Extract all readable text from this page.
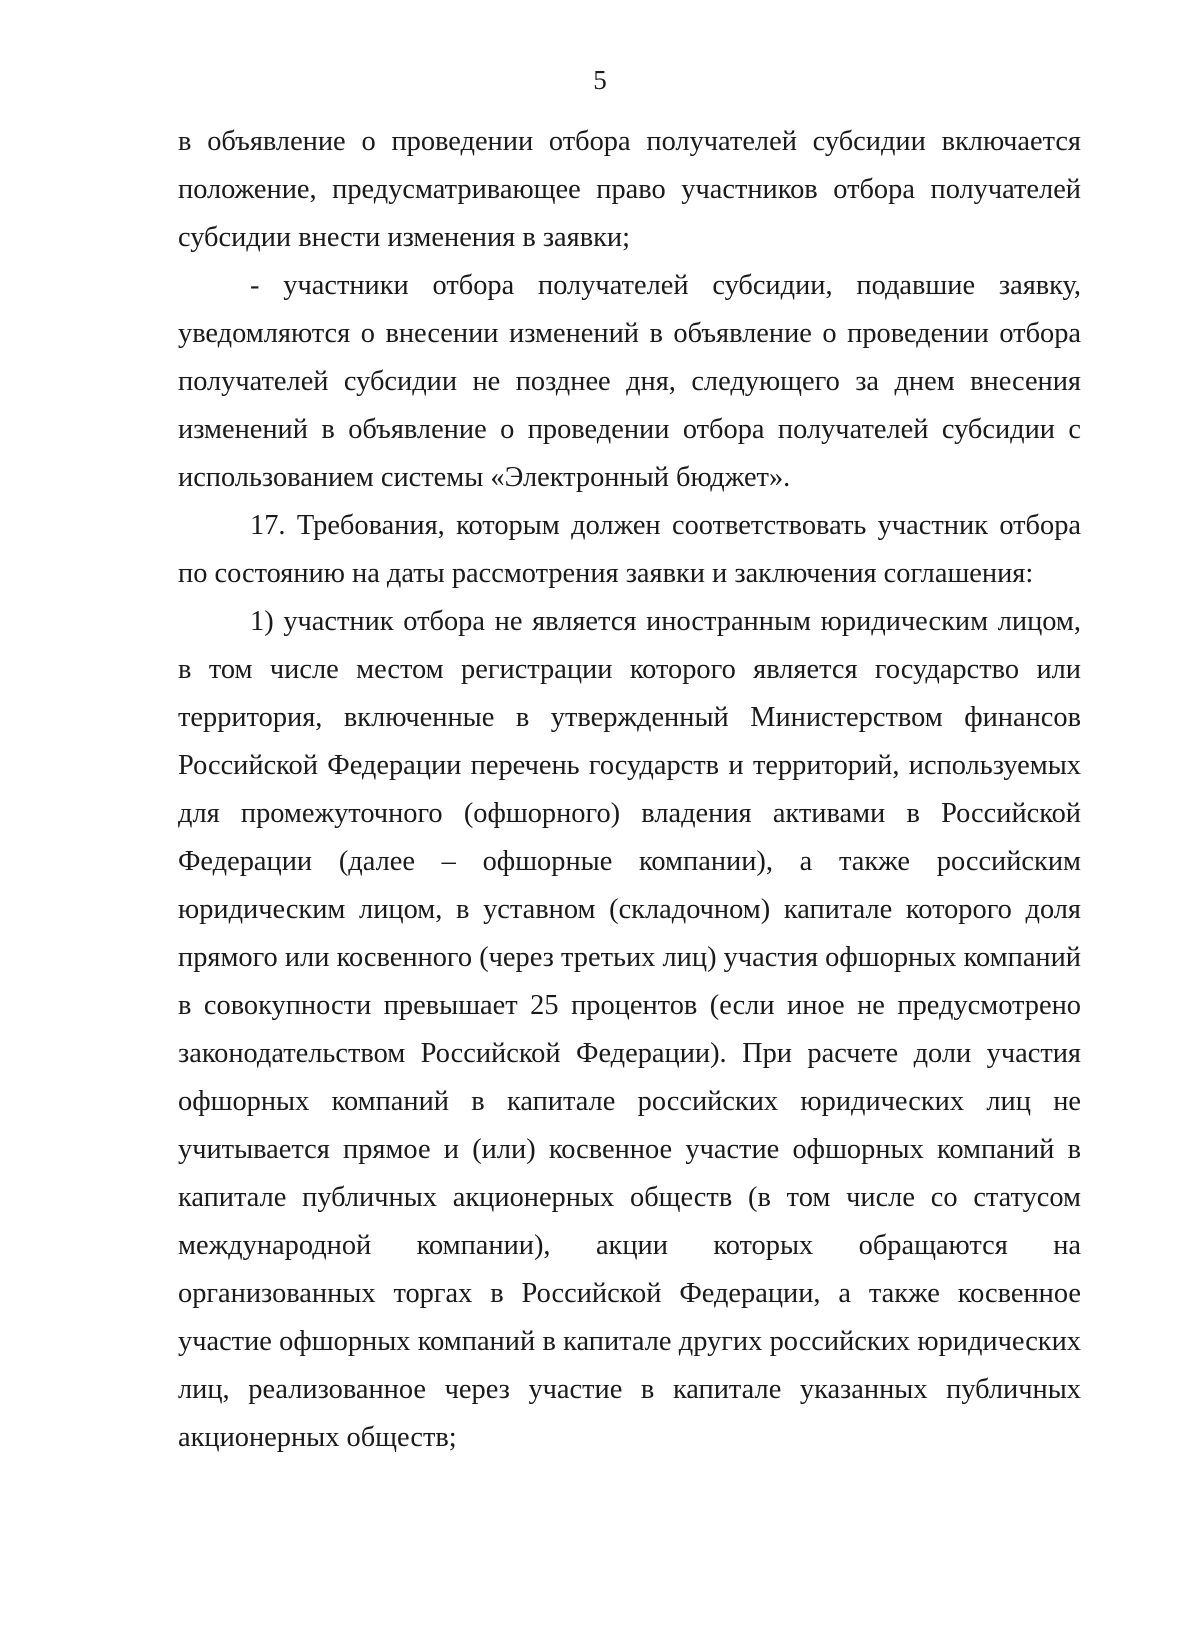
5

в объявление о проведении отбора получателей субсидии включается положение, предусматривающее право участников отбора получателей субсидии внести изменения в заявки;

- участники отбора получателей субсидии, подавшие заявку, уведомляются о внесении изменений в объявление о проведении отбора получателей субсидии не позднее дня, следующего за днем внесения изменений в объявление о проведении отбора получателей субсидии с использованием системы «Электронный бюджет».

17. Требования, которым должен соответствовать участник отбора по состоянию на даты рассмотрения заявки и заключения соглашения:

1) участник отбора не является иностранным юридическим лицом, в том числе местом регистрации которого является государство или территория, включенные в утвержденный Министерством финансов Российской Федерации перечень государств и территорий, используемых для промежуточного (офшорного) владения активами в Российской Федерации (далее – офшорные компании), а также российским юридическим лицом, в уставном (складочном) капитале которого доля прямого или косвенного (через третьих лиц) участия офшорных компаний в совокупности превышает 25 процентов (если иное не предусмотрено законодательством Российской Федерации). При расчете доли участия офшорных компаний в капитале российских юридических лиц не учитывается прямое и (или) косвенное участие офшорных компаний в капитале публичных акционерных обществ (в том числе со статусом международной компании), акции которых обращаются на организованных торгах в Российской Федерации, а также косвенное участие офшорных компаний в капитале других российских юридических лиц, реализованное через участие в капитале указанных публичных акционерных обществ;
